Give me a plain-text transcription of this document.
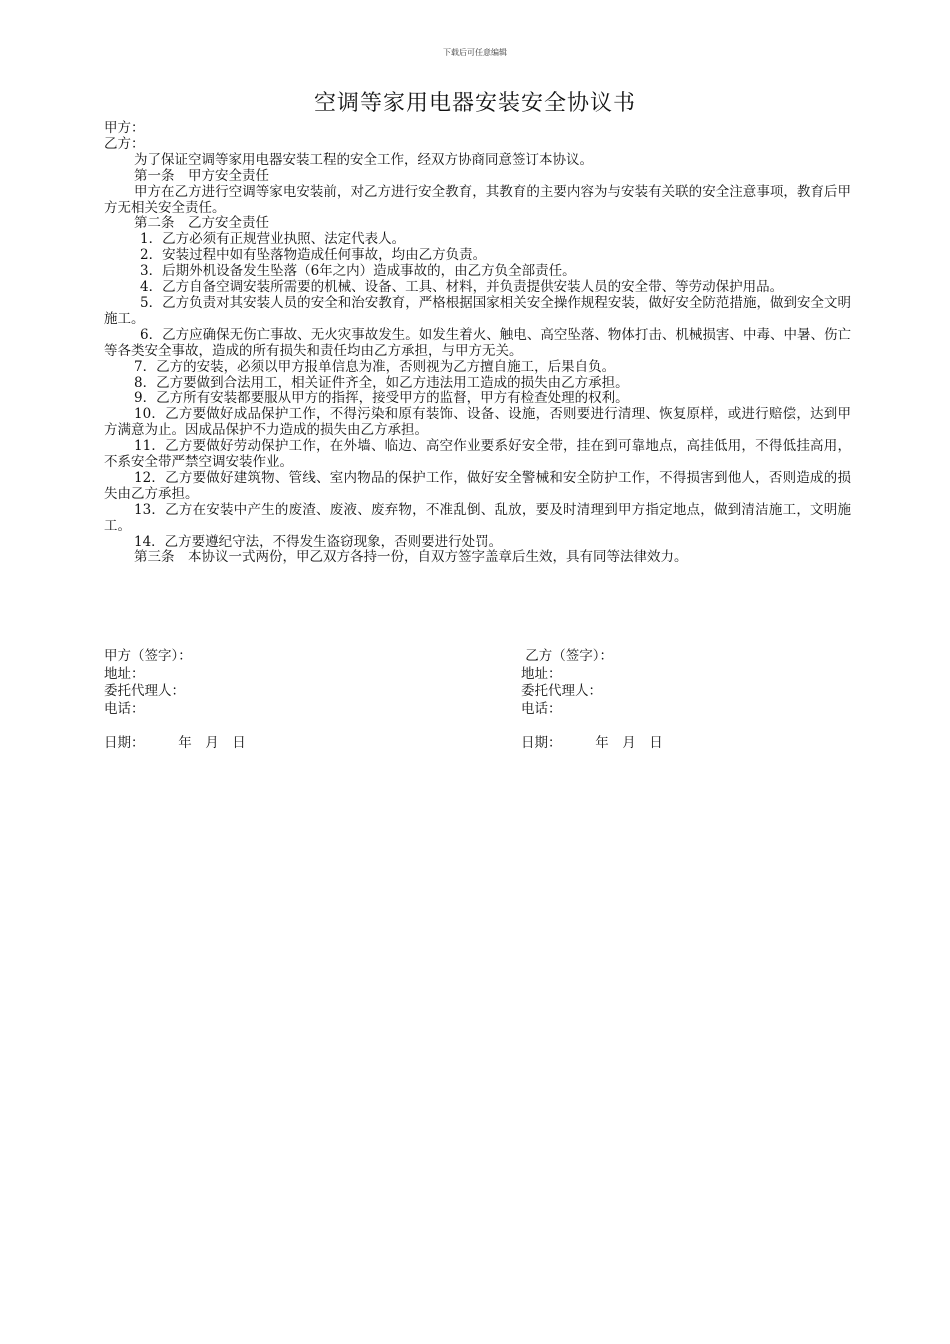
下载后可任意编辑
空调等家用电器安装安全协议书

甲方：

乙方：

为了保证空调等家用电器安装工程的安全工作，经双方协商同意签订本协议。

第一条　甲方安全责任

甲方在乙方进行空调等家电安装前，对乙方进行安全教育，其教育的主要内容为与安装有关联的安全注意事项，教育后甲方无相关安全责任。

第二条　乙方安全责任

1．乙方必须有正规营业执照、法定代表人。

2．安装过程中如有坠落物造成任何事故，均由乙方负责。

3．后期外机设备发生坠落（6年之内）造成事故的，由乙方负全部责任。

4．乙方自备空调安装所需要的机械、设备、工具、材料，并负责提供安装人员的安全带、等劳动保护用品。

5．乙方负责对其安装人员的安全和治安教育，严格根据国家相关安全操作规程安装，做好安全防范措施，做到安全文明施工。

6．乙方应确保无伤亡事故、无火灾事故发生。如发生着火、触电、高空坠落、物体打击、机械损害、中毒、中暑、伤亡等各类安全事故，造成的所有损失和责任均由乙方承担，与甲方无关。

7．乙方的安装，必须以甲方报单信息为准，否则视为乙方擅自施工，后果自负。

8．乙方要做到合法用工，相关证件齐全，如乙方违法用工造成的损失由乙方承担。

9．乙方所有安装都要服从甲方的指挥，接受甲方的监督，甲方有检查处理的权利。

10．乙方要做好成品保护工作，不得污染和原有装饰、设备、设施，否则要进行清理、恢复原样，或进行赔偿，达到甲方满意为止。因成品保护不力造成的损失由乙方承担。

11．乙方要做好劳动保护工作，在外墙、临边、高空作业要系好安全带，挂在到可靠地点，高挂低用，不得低挂高用，不系安全带严禁空调安装作业。

12．乙方要做好建筑物、管线、室内物品的保护工作，做好安全警械和安全防护工作，不得损害到他人，否则造成的损失由乙方承担。

13．乙方在安装中产生的废渣、废液、废弃物，不准乱倒、乱放，要及时清理到甲方指定地点，做到清洁施工，文明施工。

14．乙方要遵纪守法，不得发生盗窃现象，否则要进行处罚。

第三条　本协议一式两份，甲乙双方各持一份，自双方签字盖章后生效，具有同等法律效力。

甲方（签字）：
地址：
委托代理人：
电话：
日期：　　　年　月　日
乙方（签字）：
地址：
委托代理人：
电话：
日期：　　　年　月　日
